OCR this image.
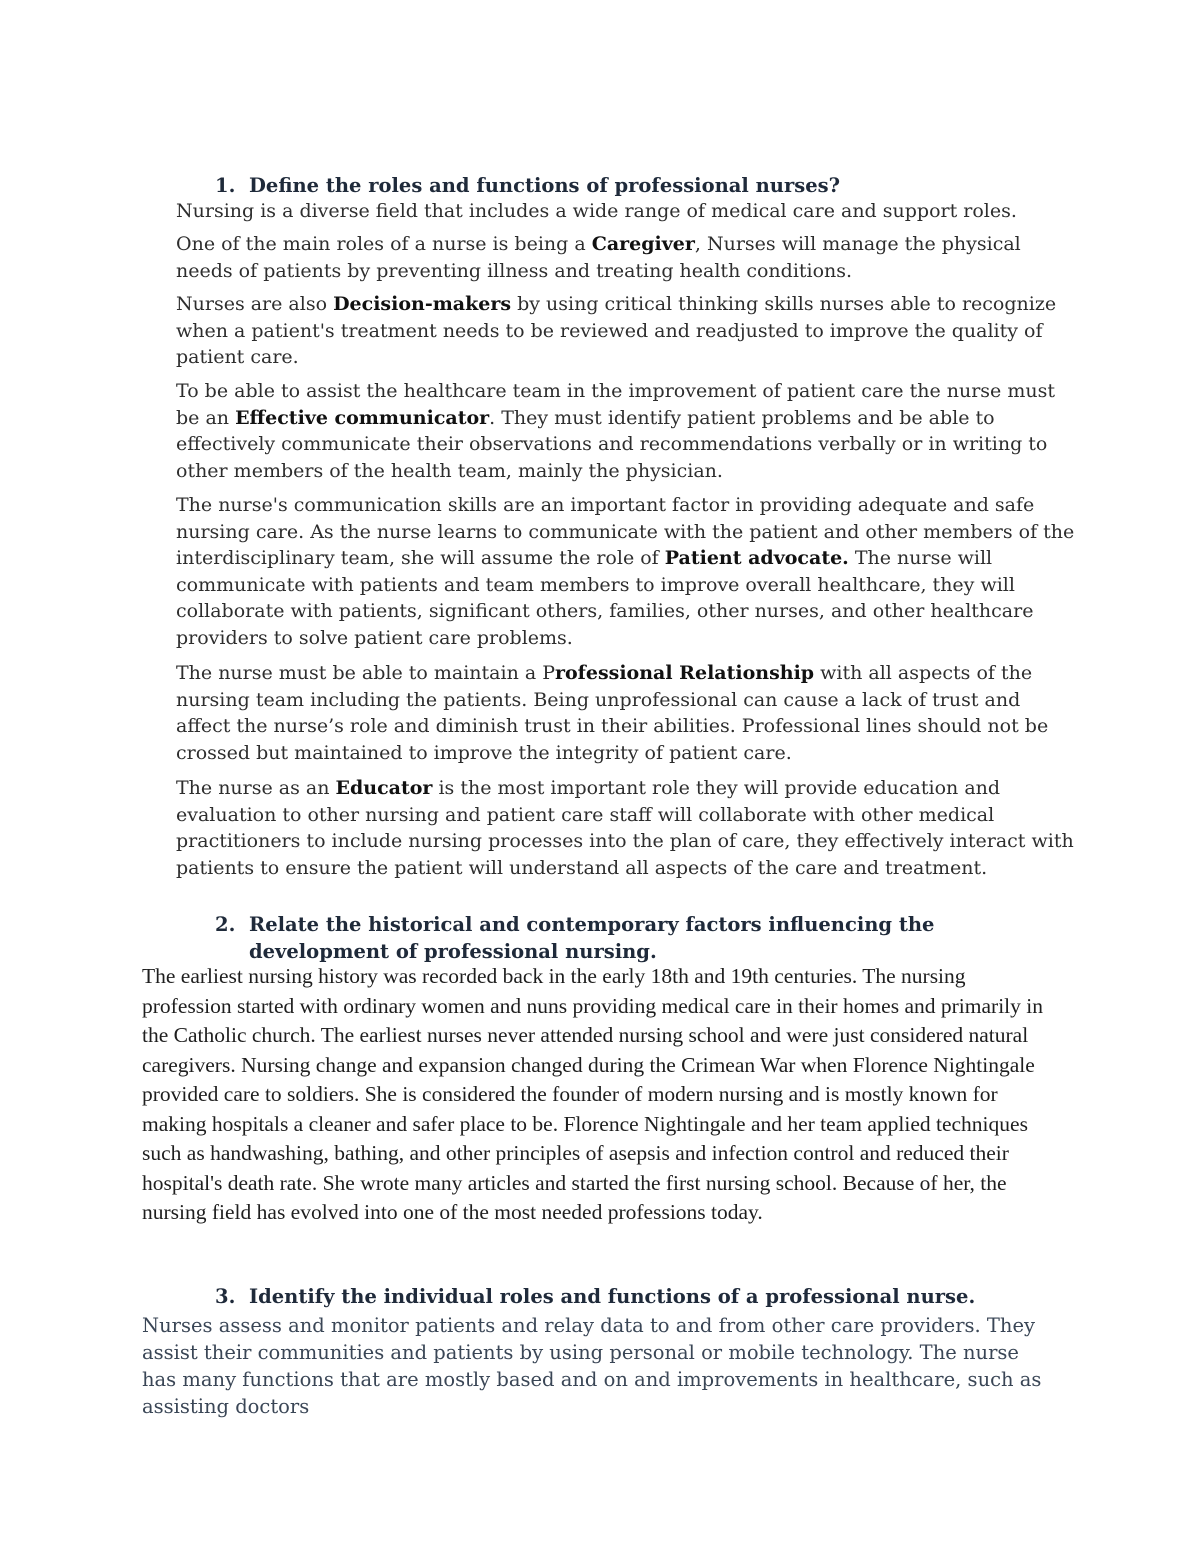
1. Define the roles and functions of professional nurses?

Nursing is a diverse field that includes a wide range of medical care and support roles.

One of the main roles of a nurse is being a Caregiver, Nurses will manage the physical needs of patients by preventing illness and treating health conditions.

Nurses are also Decision-makers by using critical thinking skills nurses able to recognize when a patient's treatment needs to be reviewed and readjusted to improve the quality of patient care.

To be able to assist the healthcare team in the improvement of patient care the nurse must be an Effective communicator. They must identify patient problems and be able to effectively communicate their observations and recommendations verbally or in writing to other members of the health team, mainly the physician.

The nurse's communication skills are an important factor in providing adequate and safe nursing care. As the nurse learns to communicate with the patient and other members of the interdisciplinary team, she will assume the role of Patient advocate. The nurse will communicate with patients and team members to improve overall healthcare, they will collaborate with patients, significant others, families, other nurses, and other healthcare providers to solve patient care problems.

The nurse must be able to maintain a Professional Relationship with all aspects of the nursing team including the patients. Being unprofessional can cause a lack of trust and affect the nurse’s role and diminish trust in their abilities. Professional lines should not be crossed but maintained to improve the integrity of patient care.

The nurse as an Educator is the most important role they will provide education and evaluation to other nursing and patient care staff will collaborate with other medical practitioners to include nursing processes into the plan of care, they effectively interact with patients to ensure the patient will understand all aspects of the care and treatment.

2. Relate the historical and contemporary factors influencing the development of professional nursing.

The earliest nursing history was recorded back in the early 18th and 19th centuries. The nursing profession started with ordinary women and nuns providing medical care in their homes and primarily in the Catholic church. The earliest nurses never attended nursing school and were just considered natural caregivers. Nursing change and expansion changed during the Crimean War when Florence Nightingale provided care to soldiers. She is considered the founder of modern nursing and is mostly known for making hospitals a cleaner and safer place to be. Florence Nightingale and her team applied techniques such as handwashing, bathing, and other principles of asepsis and infection control and reduced their hospital's death rate. She wrote many articles and started the first nursing school. Because of her, the nursing field has evolved into one of the most needed professions today.

3. Identify the individual roles and functions of a professional nurse.

Nurses assess and monitor patients and relay data to and from other care providers. They assist their communities and patients by using personal or mobile technology. The nurse has many functions that are mostly based and on and improvements in healthcare, such as assisting doctors
